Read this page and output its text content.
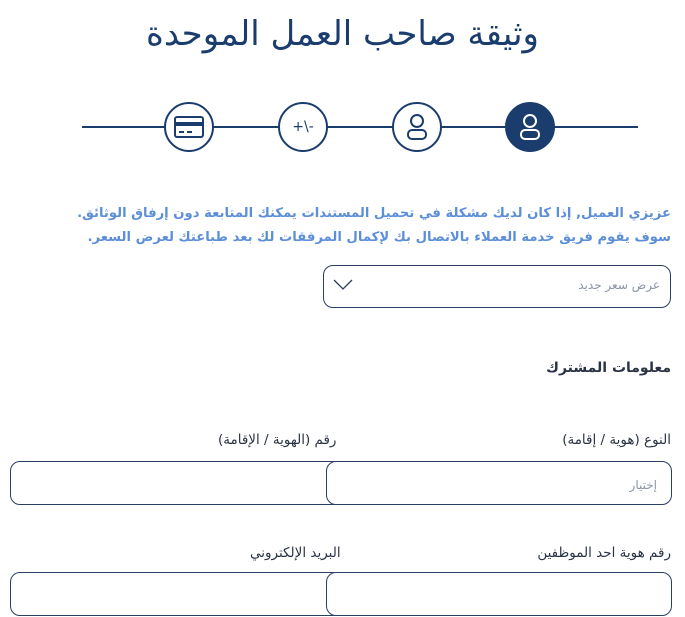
وثيقة صاحب العمل الموحدة
+\-
عزيزي العميل, إذا كان لديك مشكلة في تحميل المستندات يمكنك المتابعة دون إرفاق الوثائق.
سوف يقوم فريق خدمة العملاء بالاتصال بك لإكمال المرفقات لك بعد طباعتك لعرض السعر.
عرض سعر جديد
معلومات المشترك
النوع (هوية / إقامة)
رقم (الهوية / الإقامة)
إختيار
رقم هوية احد الموظفين
البريد الإلكتروني
